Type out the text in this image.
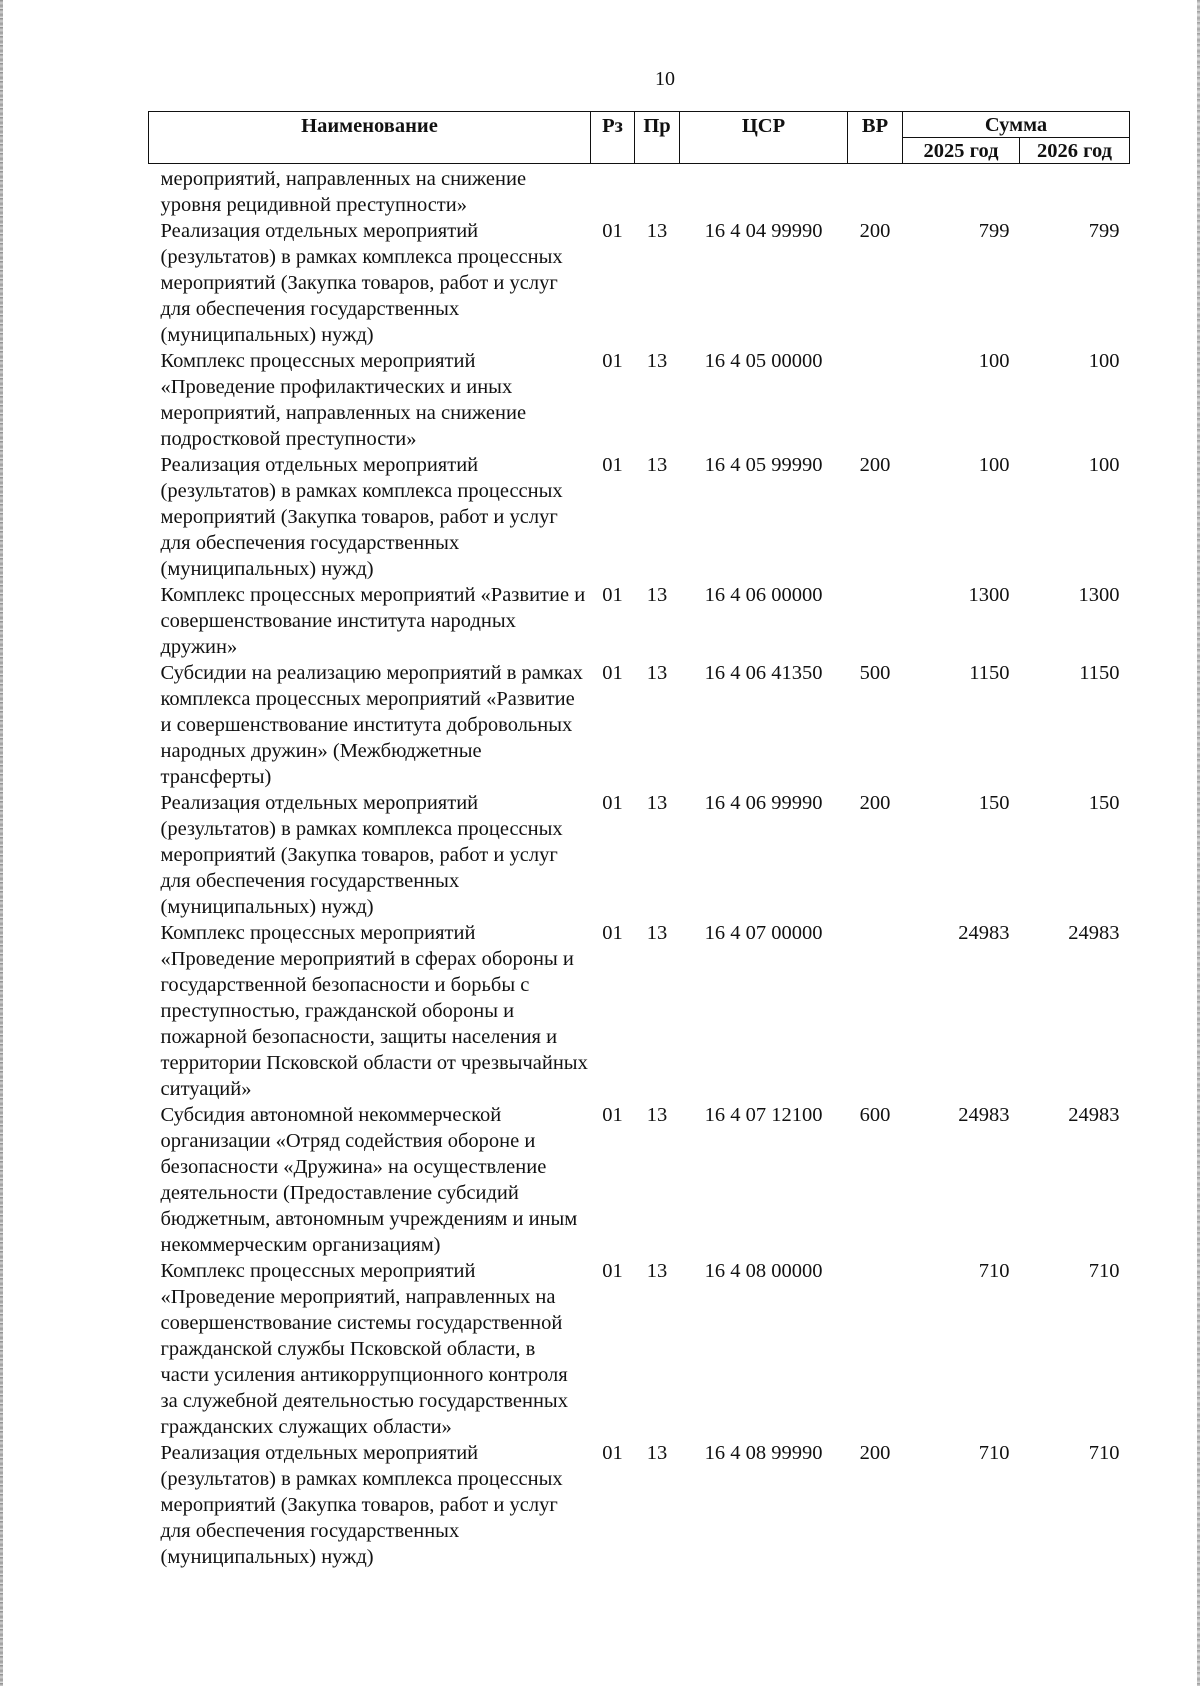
10
Наименование	Рз	Пр	ЦСР	ВР	Сумма	
					2025 год	2026 год
мероприятий, направленных на снижение уровня рецидивной преступности»						
Реализация отдельных мероприятий (результатов) в рамках комплекса процессных мероприятий (Закупка товаров, работ и услуг для обеспечения государственных (муниципальных) нужд)	01	13	16 4 04 99990	200	799	799
Комплекс процессных мероприятий «Проведение профилактических и иных мероприятий, направленных на снижение подростковой преступности»	01	13	16 4 05 00000		100	100
Реализация отдельных мероприятий (результатов) в рамках комплекса процессных мероприятий (Закупка товаров, работ и услуг для обеспечения государственных (муниципальных) нужд)	01	13	16 4 05 99990	200	100	100
Комплекс процессных мероприятий «Развитие и совершенствование института народных дружин»	01	13	16 4 06 00000		1300	1300
Субсидии на реализацию мероприятий в рамках комплекса процессных мероприятий «Развитие и совершенствование института добровольных народных дружин» (Межбюджетные трансферты)	01	13	16 4 06 41350	500	1150	1150
Реализация отдельных мероприятий (результатов) в рамках комплекса процессных мероприятий (Закупка товаров, работ и услуг для обеспечения государственных (муниципальных) нужд)	01	13	16 4 06 99990	200	150	150
Комплекс процессных мероприятий «Проведение мероприятий в сферах обороны и государственной безопасности и борьбы с преступностью, гражданской обороны и пожарной безопасности, защиты населения и территории Псковской области от чрезвычайных ситуаций»	01	13	16 4 07 00000		24983	24983
Субсидия автономной некоммерческой организации «Отряд содействия обороне и безопасности «Дружина» на осуществление деятельности (Предоставление субсидий бюджетным, автономным учреждениям и иным некоммерческим организациям)	01	13	16 4 07 12100	600	24983	24983
Комплекс процессных мероприятий «Проведение мероприятий, направленных на совершенствование системы государственной гражданской службы Псковской области, в части усиления антикоррупционного контроля за служебной деятельностью государственных гражданских служащих области»	01	13	16 4 08 00000		710	710
Реализация отдельных мероприятий (результатов) в рамках комплекса процессных мероприятий (Закупка товаров, работ и услуг для обеспечения государственных (муниципальных) нужд)	01	13	16 4 08 99990	200	710	710
